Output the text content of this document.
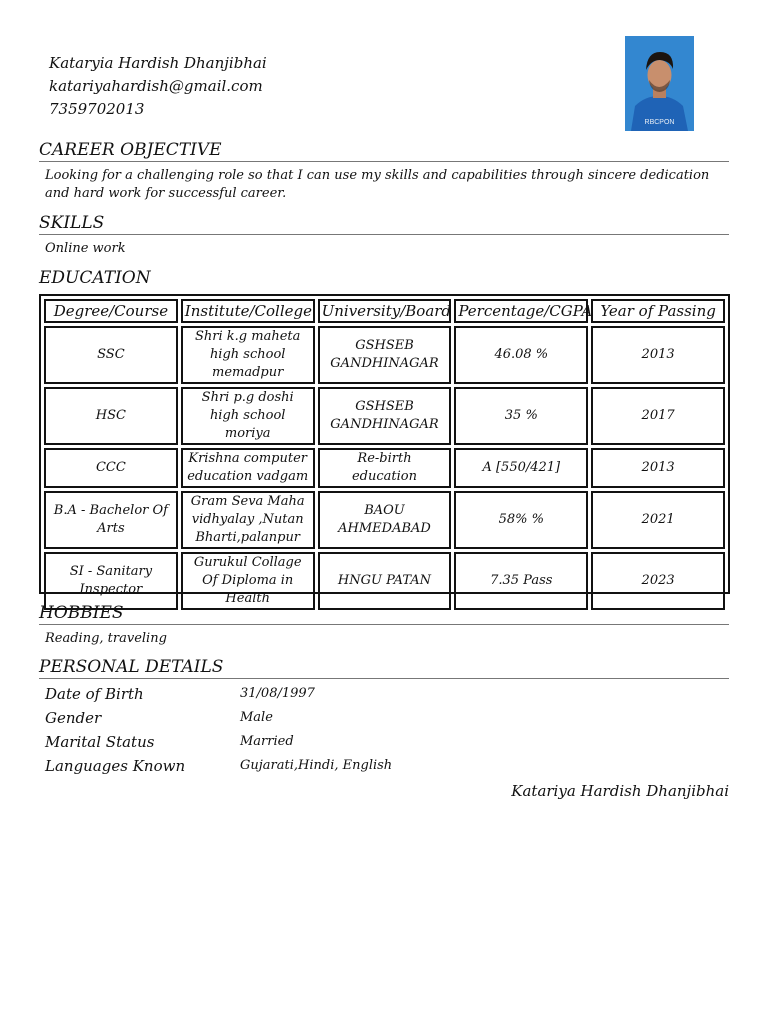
Kataryia Hardish Dhanjibhai
katariyahardish@gmail.com
7359702013
RBCPON
CAREER OBJECTIVE
Looking for a challenging role so that I can use my skills and capabilities through sincere dedication and hard work for successful career.
SKILLS
Online work
EDUCATION
Degree/Course	Institute/College	University/Board	Percentage/CGPA	Year of Passing
SSC	Shri k.g maheta high school memadpur	GSHSEB GANDHINAGAR	46.08 %	2013
HSC	Shri p.g doshi high school moriya	GSHSEB GANDHINAGAR	35 %	2017
CCC	Krishna computer education vadgam	Re-birth education	A [550/421]	2013
B.A - Bachelor Of Arts	Gram Seva Maha vidhyalay ,Nutan Bharti,palanpur	BAOU AHMEDABAD	58% %	2021
SI - Sanitary Inspector	Gurukul Collage Of Diploma in Health	HNGU PATAN	7.35 Pass	2023
HOBBIES
Reading, traveling
PERSONAL DETAILS
Date of Birth	31/08/1997
Gender	Male
Marital Status	Married
Languages Known	Gujarati,Hindi, English
Katariya Hardish Dhanjibhai
